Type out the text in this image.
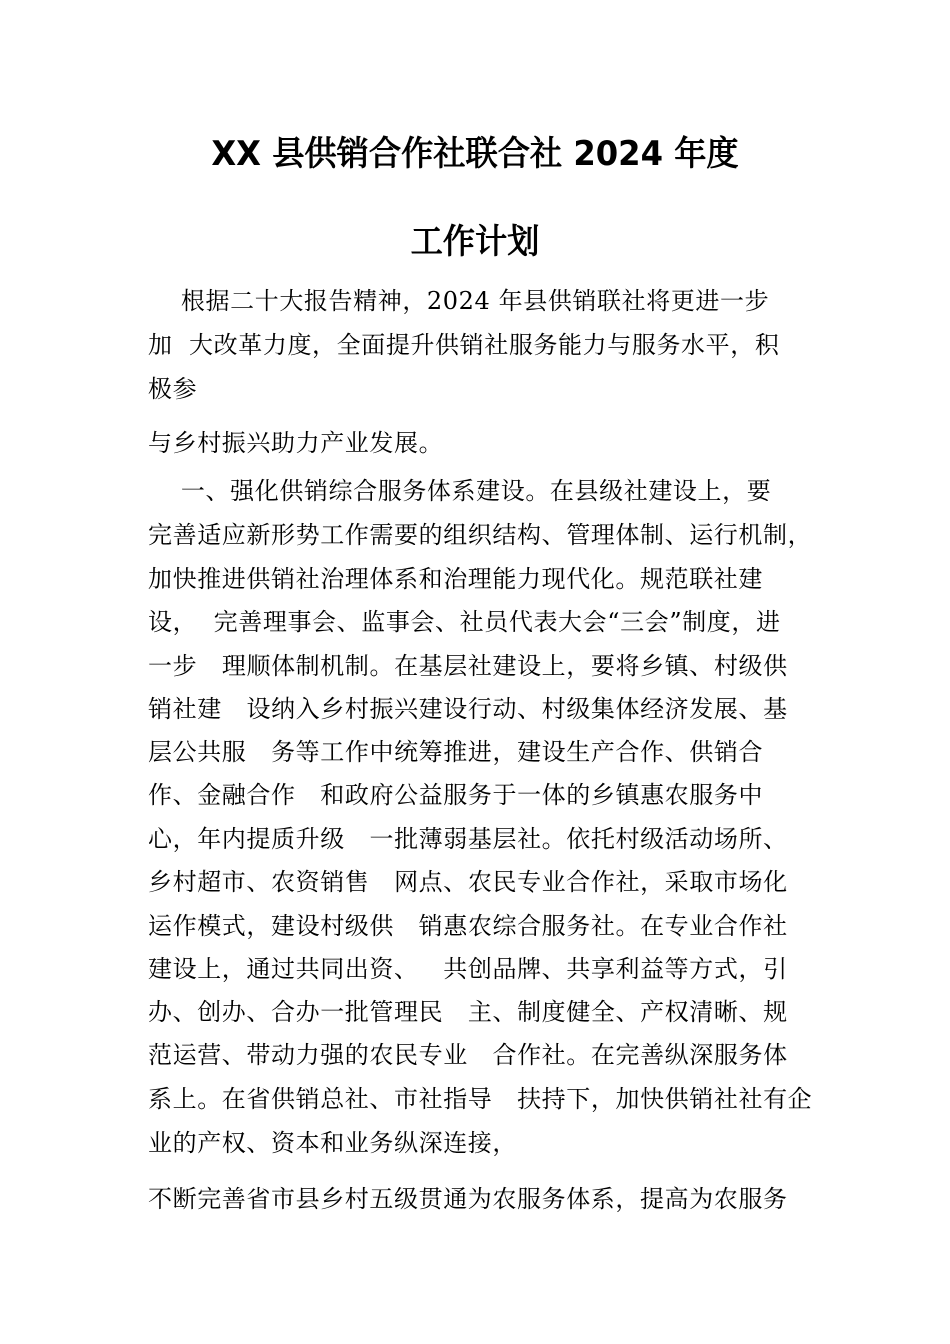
XX 县供销合作社联合社 2024 年度
工作计划
根据二十大报告精神，2024 年县供销联社将更进一步
加  大改革力度，全面提升供销社服务能力与服务水平，积
极参
与乡村振兴助力产业发展。
一、强化供销综合服务体系建设。在县级社建设上，要
完善适应新形势工作需要的组织结构、管理体制、运行机制，
加快推进供销社治理体系和治理能力现代化。规范联社建
设，  完善理事会、监事会、社员代表大会“三会”制度，进
一步   理顺体制机制。在基层社建设上，要将乡镇、村级供
销社建   设纳入乡村振兴建设行动、村级集体经济发展、基
层公共服   务等工作中统筹推进，建设生产合作、供销合
作、金融合作   和政府公益服务于一体的乡镇惠农服务中
心，年内提质升级   一批薄弱基层社。依托村级活动场所、
乡村超市、农资销售   网点、农民专业合作社，采取市场化
运作模式，建设村级供   销惠农综合服务社。在专业合作社
建设上，通过共同出资、   共创品牌、共享利益等方式，引
办、创办、合办一批管理民   主、制度健全、产权清晰、规
范运营、带动力强的农民专业   合作社。在完善纵深服务体
系上。在省供销总社、市社指导   扶持下，加快供销社社有企
业的产权、资本和业务纵深连接，
不断完善省市县乡村五级贯通为农服务体系，提高为农服务
